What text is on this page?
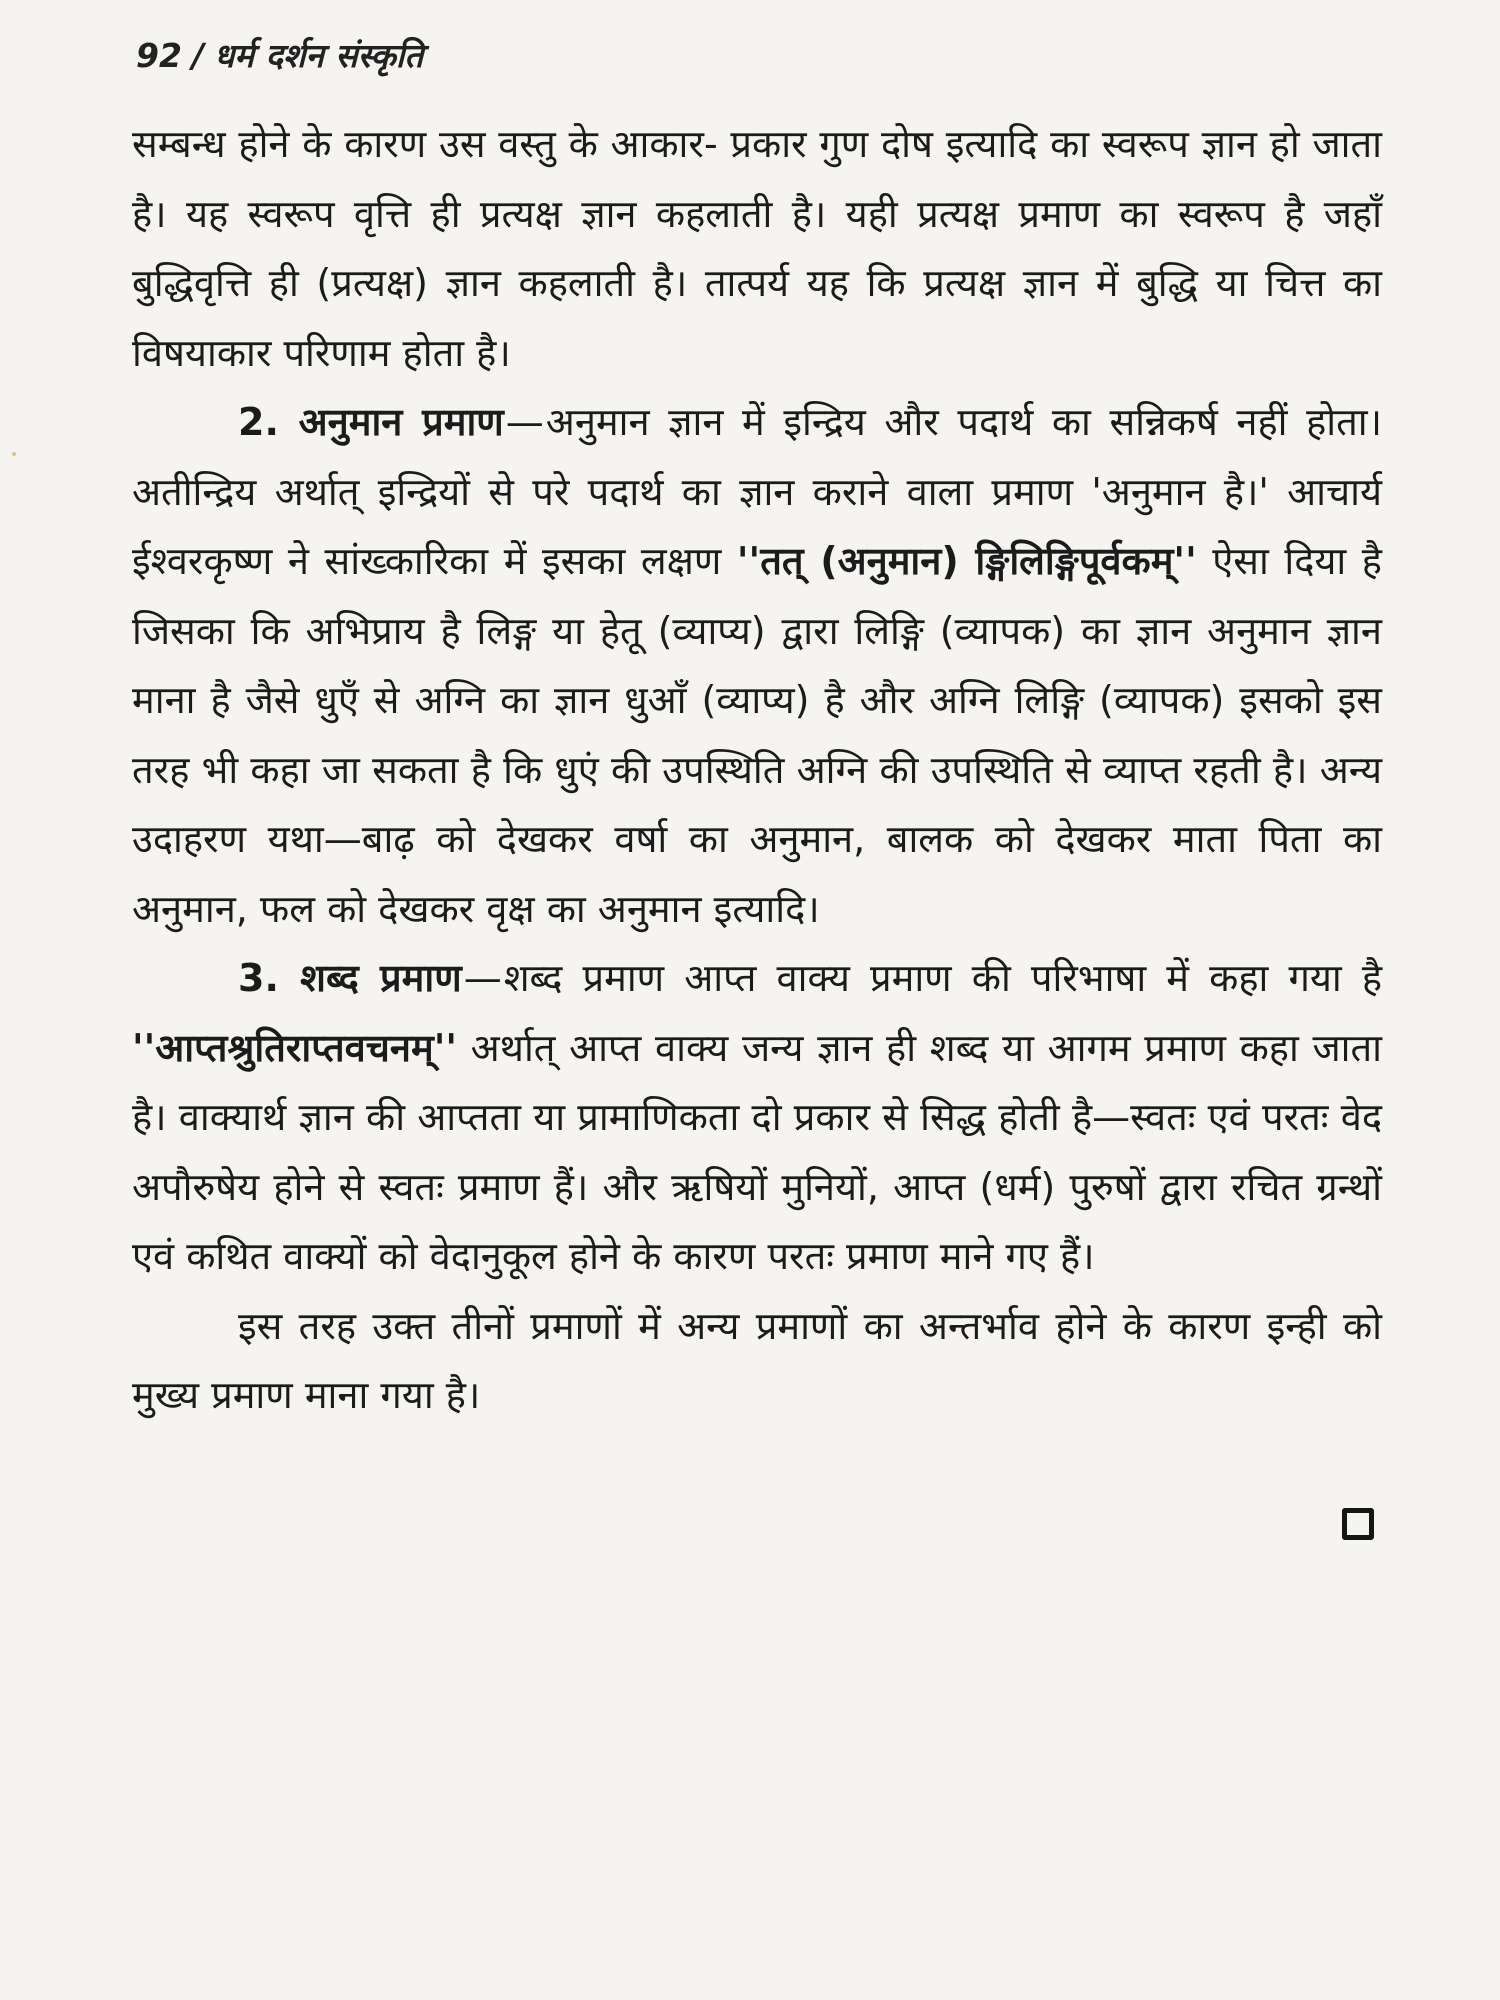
92 / धर्म दर्शन संस्कृति

सम्बन्ध होने के कारण उस वस्तु के आकार- प्रकार गुण दोष इत्यादि का स्वरूप ज्ञान हो जाता है। यह स्वरूप वृत्ति ही प्रत्यक्ष ज्ञान कहलाती है। यही प्रत्यक्ष प्रमाण का स्वरूप है जहाँ बुद्धिवृत्ति ही (प्रत्यक्ष) ज्ञान कहलाती है। तात्पर्य यह कि प्रत्यक्ष ज्ञान में बुद्धि या चित्त का विषयाकार परिणाम होता है।

2. अनुमान प्रमाण—अनुमान ज्ञान में इन्द्रिय और पदार्थ का सन्निकर्ष नहीं होता। अतीन्द्रिय अर्थात् इन्द्रियों से परे पदार्थ का ज्ञान कराने वाला प्रमाण 'अनुमान है।' आचार्य ईश्वरकृष्ण ने सांख्कारिका में इसका लक्षण ''तत् (अनुमान) ङ्गिलिङ्गिपूर्वकम्'' ऐसा दिया है जिसका कि अभिप्राय है लिङ्ग या हेतू (व्याप्य) द्वारा लिङ्गि (व्यापक) का ज्ञान अनुमान ज्ञान माना है जैसे धुएँ से अग्नि का ज्ञान धुआँ (व्याप्य) है और अग्नि लिङ्गि (व्यापक) इसको इस तरह भी कहा जा सकता है कि धुएं की उपस्थिति अग्नि की उपस्थिति से व्याप्त रहती है। अन्य उदाहरण यथा—बाढ़ को देखकर वर्षा का अनुमान, बालक को देखकर माता पिता का अनुमान, फल को देखकर वृक्ष का अनुमान इत्यादि।

3. शब्द प्रमाण—शब्द प्रमाण आप्त वाक्य प्रमाण की परिभाषा में कहा गया है ''आप्तश्रुतिराप्तवचनम्'' अर्थात् आप्त वाक्य जन्य ज्ञान ही शब्द या आगम प्रमाण कहा जाता है। वाक्यार्थ ज्ञान की आप्तता या प्रामाणिकता दो प्रकार से सिद्ध होती है—स्वतः एवं परतः वेद अपौरुषेय होने से स्वतः प्रमाण हैं। और ऋषियों मुनियों, आप्त (धर्म) पुरुषों द्वारा रचित ग्रन्थों एवं कथित वाक्यों को वेदानुकूल होने के कारण परतः प्रमाण माने गए हैं।

इस तरह उक्त तीनों प्रमाणों में अन्य प्रमाणों का अन्तर्भाव होने के कारण इन्ही को मुख्य प्रमाण माना गया है।
